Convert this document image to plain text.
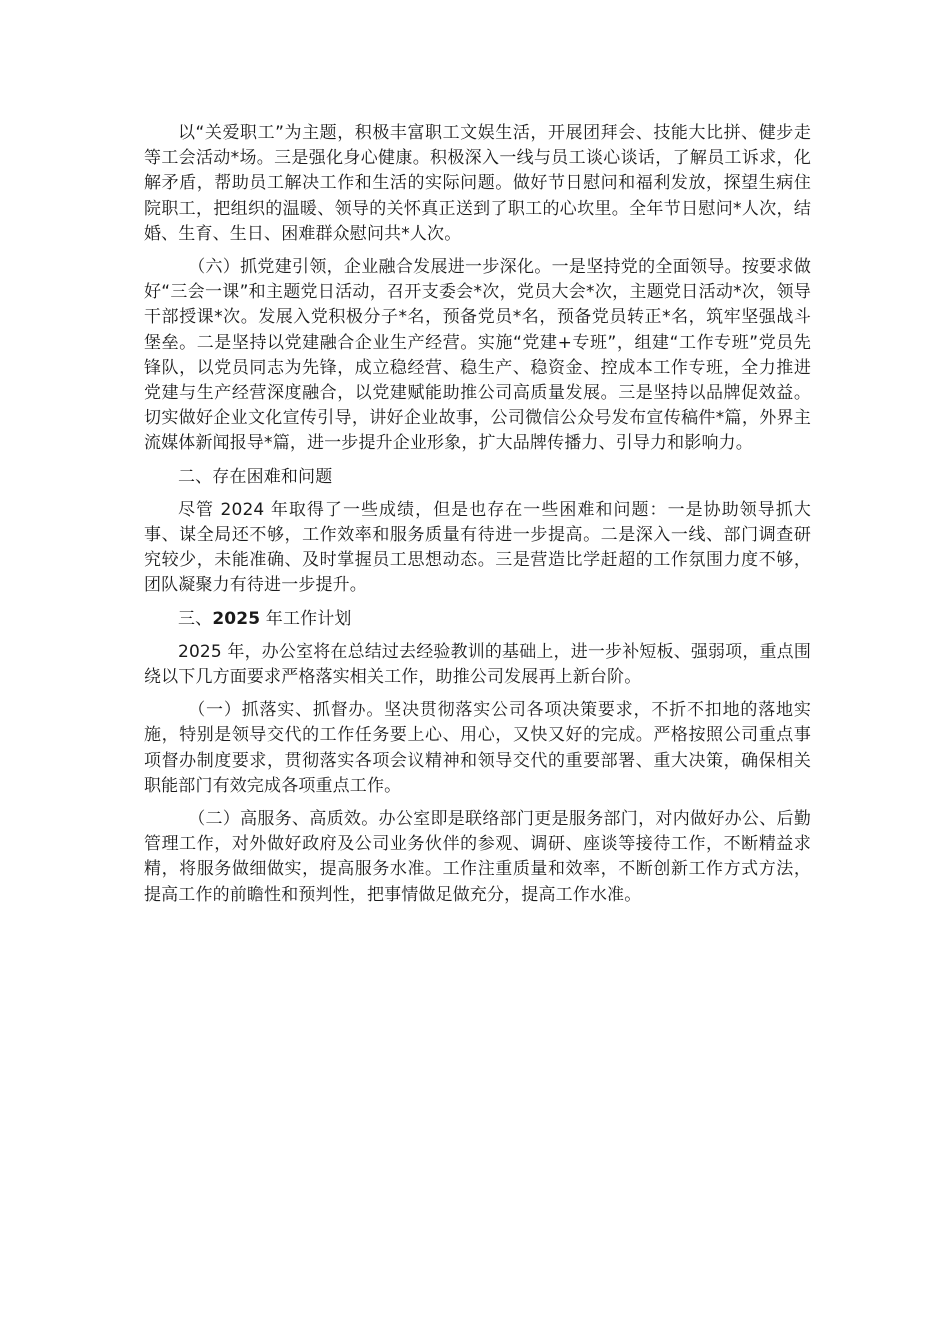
以“关爱职工”为主题，积极丰富职工文娱生活，开展团拜会、技能大比拼、健步走等工会活动*场。三是强化身心健康。积极深入一线与员工谈心谈话，了解员工诉求，化解矛盾，帮助员工解决工作和生活的实际问题。做好节日慰问和福利发放，探望生病住院职工，把组织的温暖、领导的关怀真正送到了职工的心坎里。全年节日慰问*人次，结婚、生育、生日、困难群众慰问共*人次。

（六）抓党建引领，企业融合发展进一步深化。一是坚持党的全面领导。按要求做好“三会一课”和主题党日活动，召开支委会*次，党员大会*次，主题党日活动*次，领导干部授课*次。发展入党积极分子*名，预备党员*名，预备党员转正*名，筑牢坚强战斗堡垒。二是坚持以党建融合企业生产经营。实施“党建+专班”，组建“工作专班”党员先锋队，以党员同志为先锋，成立稳经营、稳生产、稳资金、控成本工作专班，全力推进党建与生产经营深度融合，以党建赋能助推公司高质量发展。三是坚持以品牌促效益。切实做好企业文化宣传引导，讲好企业故事，公司微信公众号发布宣传稿件*篇，外界主流媒体新闻报导*篇，进一步提升企业形象，扩大品牌传播力、引导力和影响力。

二、存在困难和问题

尽管 2024 年取得了一些成绩，但是也存在一些困难和问题：一是协助领导抓大事、谋全局还不够，工作效率和服务质量有待进一步提高。二是深入一线、部门调查研究较少，未能准确、及时掌握员工思想动态。三是营造比学赶超的工作氛围力度不够，团队凝聚力有待进一步提升。

三、2025 年工作计划

2025 年，办公室将在总结过去经验教训的基础上，进一步补短板、强弱项，重点围绕以下几方面要求严格落实相关工作，助推公司发展再上新台阶。

（一）抓落实、抓督办。坚决贯彻落实公司各项决策要求，不折不扣地的落地实施，特别是领导交代的工作任务要上心、用心，又快又好的完成。严格按照公司重点事项督办制度要求，贯彻落实各项会议精神和领导交代的重要部署、重大决策，确保相关职能部门有效完成各项重点工作。

（二）高服务、高质效。办公室即是联络部门更是服务部门，对内做好办公、后勤管理工作，对外做好政府及公司业务伙伴的参观、调研、座谈等接待工作，不断精益求精，将服务做细做实，提高服务水准。工作注重质量和效率，不断创新工作方式方法，提高工作的前瞻性和预判性，把事情做足做充分，提高工作水准。
